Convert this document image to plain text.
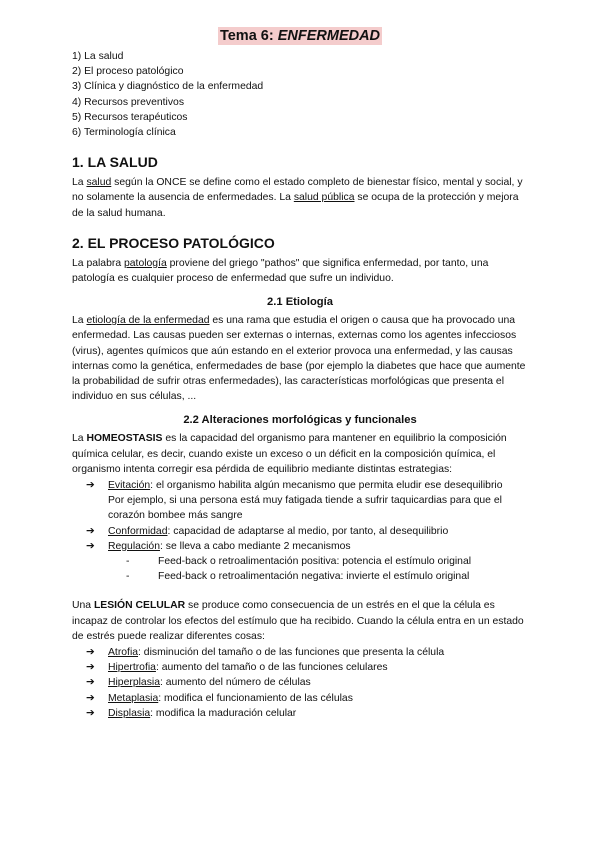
Tema 6: ENFERMEDAD
1) La salud
2) El proceso patológico
3) Clínica y diagnóstico de la enfermedad
4) Recursos preventivos
5) Recursos terapéuticos
6) Terminología clínica
1. LA SALUD

La salud según la ONCE se define como el estado completo de bienestar físico, mental y social, y no solamente la ausencia de enfermedades. La salud pública se ocupa de la protección y mejora de la salud humana.

2. EL PROCESO PATOLÓGICO

La palabra patología proviene del griego "pathos" que significa enfermedad, por tanto, una patología es cualquier proceso de enfermedad que sufre un individuo.

2.1 Etiología

La etiología de la enfermedad es una rama que estudia el origen o causa que ha provocado una enfermedad. Las causas pueden ser externas o internas, externas como los agentes infecciosos (virus), agentes químicos que aún estando en el exterior provoca una enfermedad, y las causas internas como la genética, enfermedades de base (por ejemplo la diabetes que hace que aumente la probabilidad de sufrir otras enfermedades), las características morfológicas que presenta el individuo en sus células, ...

2.2 Alteraciones morfológicas y funcionales

La HOMEOSTASIS es la capacidad del organismo para mantener en equilibrio la composición química celular, es decir, cuando existe un exceso o un déficit en la composición química, el organismo intenta corregir esa pérdida de equilibrio mediante distintas estrategias:

➔ Evitación: el organismo habilita algún mecanismo que permita eludir ese desequilibrio
Por ejemplo, si una persona está muy fatigada tiende a sufrir taquicardias para que el corazón bombee más sangre
➔ Conformidad: capacidad de adaptarse al medio, por tanto, al desequilibrio
➔ Regulación: se lleva a cabo mediante 2 mecanismos
-	Feed-back o retroalimentación positiva: potencia el estímulo original
-	Feed-back o retroalimentación negativa: invierte el estímulo original

Una LESIÓN CELULAR se produce como consecuencia de un estrés en el que la célula es incapaz de controlar los efectos del estímulo que ha recibido. Cuando la célula entra en un estado de estrés puede realizar diferentes cosas:

➔ Atrofia: disminución del tamaño o de las funciones que presenta la célula
➔ Hipertrofia: aumento del tamaño o de las funciones celulares
➔ Hiperplasia: aumento del número de células
➔ Metaplasia: modifica el funcionamiento de las células
➔ Displasia: modifica la maduración celular
